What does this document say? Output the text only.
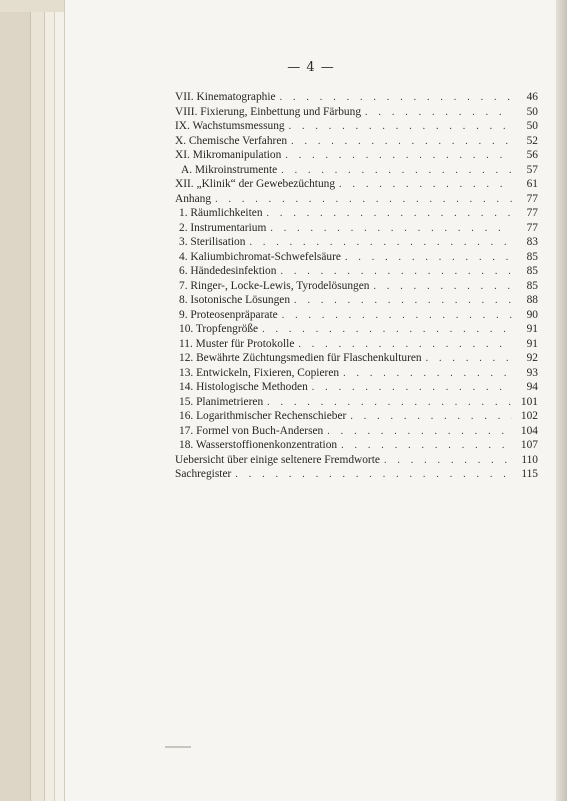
— 4 —
VII. Kinematographie . . .	46
VIII. Fixierung, Einbettung und Färbung . . .	50
IX. Wachstumsmessung . . .	50
X. Chemische Verfahren . . .	52
XI. Mikromanipulation . . .	56
A. Mikroinstrumente . . .	57
XII. „Klinik“ der Gewebezüchtung . . .	61
Anhang . . .	77
1. Räumlichkeiten . . .	77
2. Instrumentarium . . .	77
3. Sterilisation . . .	83
4. Kaliumbichromat-Schwefelsäure . . .	85
6. Händedesinfektion . . .	85
7. Ringer-, Locke-Lewis, Tyrodelösungen . . .	85
8. Isotonische Lösungen . . .	88
9. Proteosenpräparate . . .	90
10. Tropfengröße . . .	91
11. Muster für Protokolle . . .	91
12. Bewährte Züchtungsmedien für Flaschenkulturen . . .	92
13. Entwickeln, Fixieren, Copieren . . .	93
14. Histologische Methoden . . .	94
15. Planimetrieren . . .	101
16. Logarithmischer Rechenschieber . . .	102
17. Formel von Buch-Andersen . . .	104
18. Wasserstoffionenkonzentration . . .	107
Uebersicht über einige seltenere Fremdworte . . .	110
Sachregister . . .	115
